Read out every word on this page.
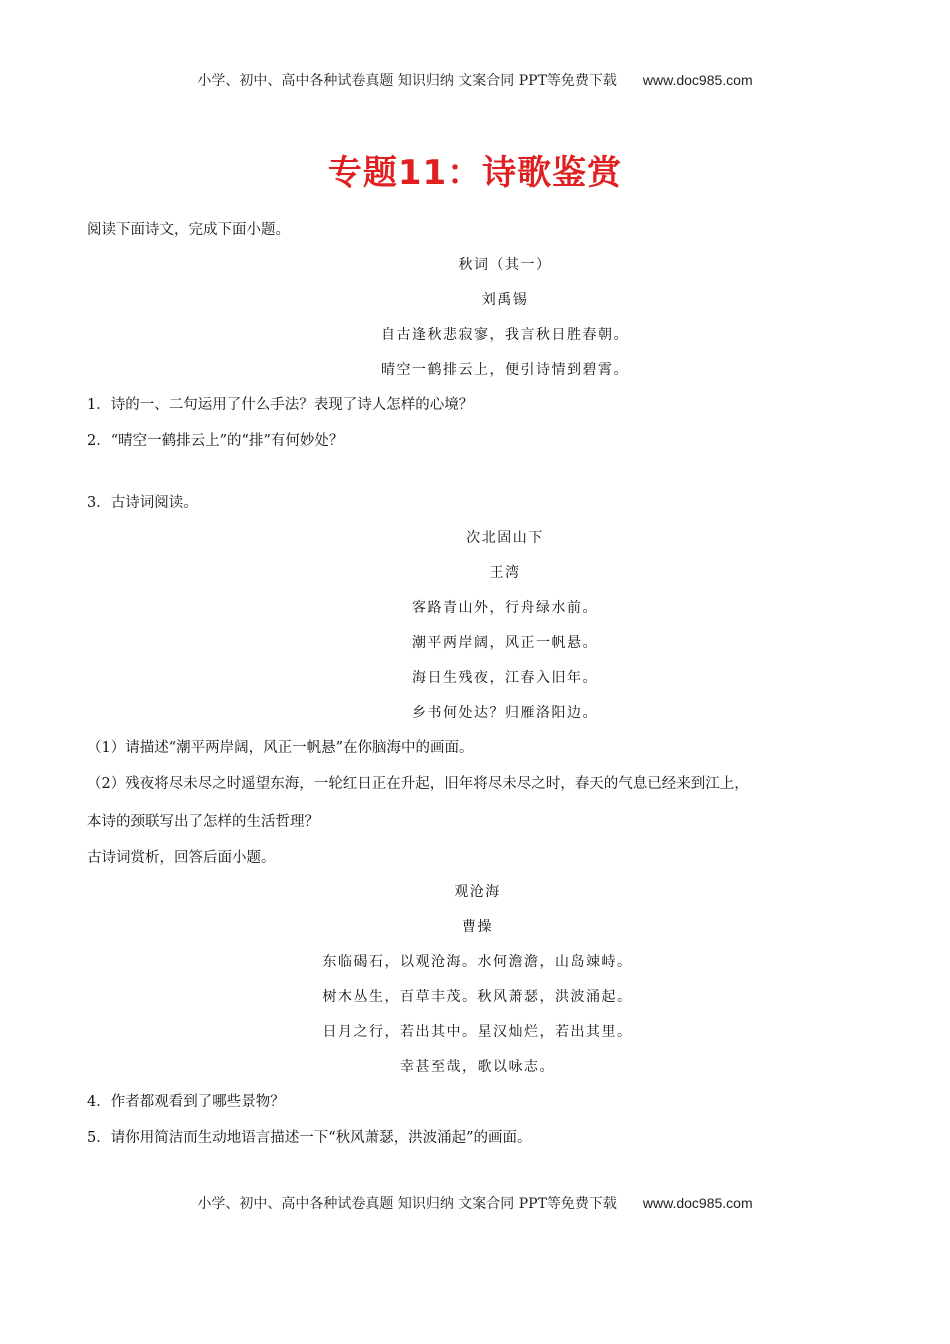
小学、初中、高中各种试卷真题 知识归纳 文案合同 PPT等免费下载 www.doc985.com
专题11：诗歌鉴赏
阅读下面诗文，完成下面小题。
秋词（其一）
刘禹锡
自古逢秋悲寂寥，我言秋日胜春朝。
晴空一鹤排云上，便引诗情到碧霄。
1．诗的一、二句运用了什么手法？表现了诗人怎样的心境？
2．“晴空一鹤排云上”的“排”有何妙处？
3．古诗词阅读。
次北固山下
王湾
客路青山外，行舟绿水前。
潮平两岸阔，风正一帆悬。
海日生残夜，江春入旧年。
乡书何处达？归雁洛阳边。
（1）请描述“潮平两岸阔，风正一帆悬”在你脑海中的画面。
（2）残夜将尽未尽之时遥望东海，一轮红日正在升起，旧年将尽未尽之时，春天的气息已经来到江上，
本诗的颈联写出了怎样的生活哲理？
古诗词赏析，回答后面小题。
观沧海
曹操
东临碣石，以观沧海。水何澹澹，山岛竦峙。
树木丛生，百草丰茂。秋风萧瑟，洪波涌起。
日月之行，若出其中。星汉灿烂，若出其里。
幸甚至哉，歌以咏志。
4．作者都观看到了哪些景物？
5．请你用简洁而生动地语言描述一下“秋风萧瑟，洪波涌起”的画面。
小学、初中、高中各种试卷真题 知识归纳 文案合同 PPT等免费下载 www.doc985.com
